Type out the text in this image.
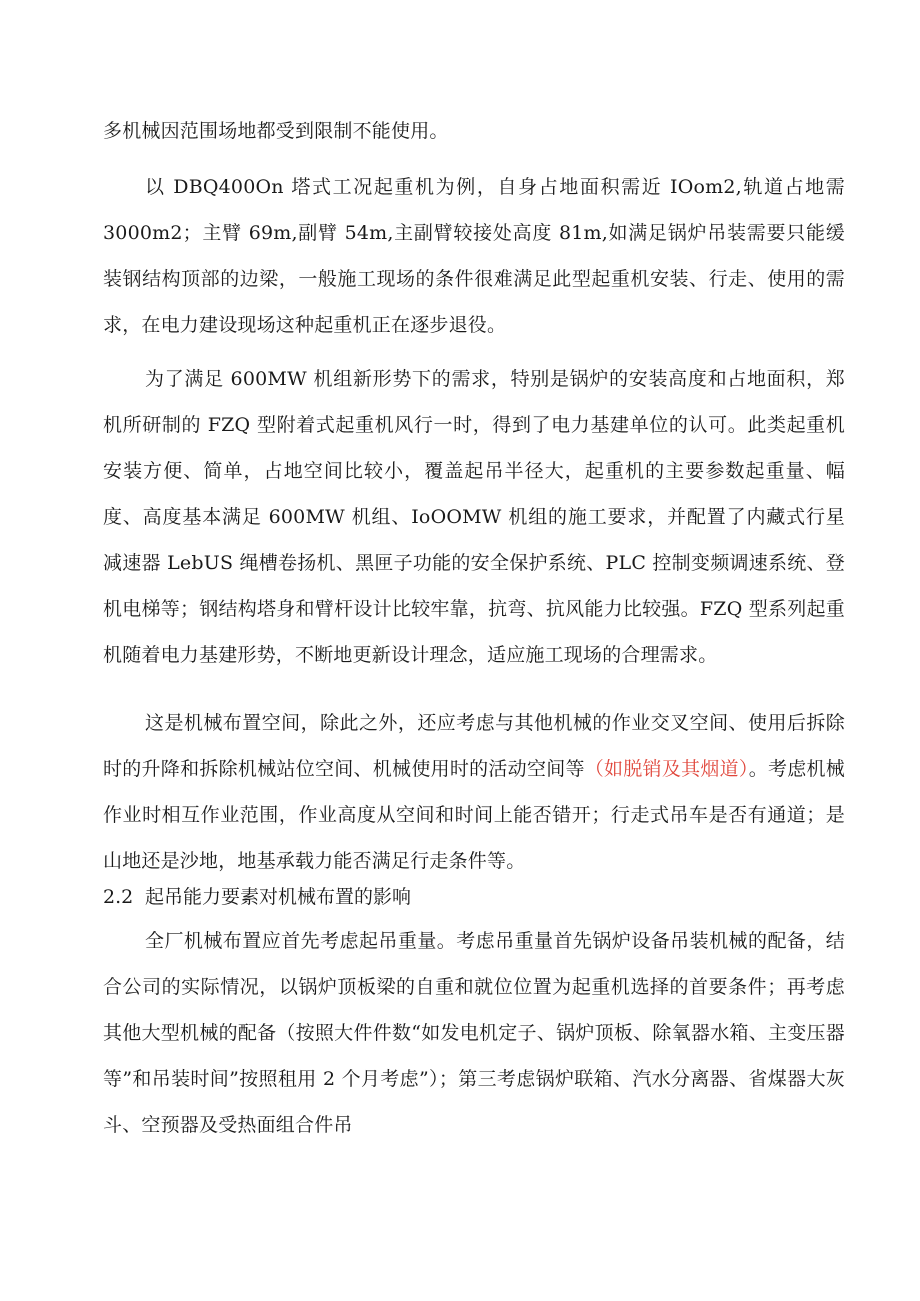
多机械因范围场地都受到限制不能使用。

以 DBQ400On 塔式工况起重机为例，自身占地面积需近 IOom2,轨道占地需 3000m2；主臂 69m,副臂 54m,主副臂较接处高度 81m,如满足锅炉吊装需要只能缓装钢结构顶部的边梁，一般施工现场的条件很难满足此型起重机安装、行走、使用的需求，在电力建设现场这种起重机正在逐步退役。

为了满足 600MW 机组新形势下的需求，特别是锅炉的安装高度和占地面积，郑机所研制的 FZQ 型附着式起重机风行一时，得到了电力基建单位的认可。此类起重机安装方便、简单，占地空间比较小，覆盖起吊半径大，起重机的主要参数起重量、幅度、高度基本满足 600MW 机组、IoOOMW 机组的施工要求，并配置了内藏式行星减速器 LebUS 绳槽卷扬机、黑匣子功能的安全保护系统、PLC 控制变频调速系统、登机电梯等；钢结构塔身和臂杆设计比较牢靠，抗弯、抗风能力比较强。FZQ 型系列起重机随着电力基建形势，不断地更新设计理念，适应施工现场的合理需求。

这是机械布置空间，除此之外，还应考虑与其他机械的作业交叉空间、使用后拆除时的升降和拆除机械站位空间、机械使用时的活动空间等（如脱销及其烟道）。考虑机械作业时相互作业范围，作业高度从空间和时间上能否错开；行走式吊车是否有通道；是山地还是沙地，地基承载力能否满足行走条件等。

2.2 起吊能力要素对机械布置的影响

全厂机械布置应首先考虑起吊重量。考虑吊重量首先锅炉设备吊装机械的配备，结合公司的实际情况，以锅炉顶板梁的自重和就位位置为起重机选择的首要条件；再考虑其他大型机械的配备（按照大件件数“如发电机定子、锅炉顶板、除氧器水箱、主变压器等”和吊装时间”按照租用 2 个月考虑”）；第三考虑锅炉联箱、汽水分离器、省煤器大灰斗、空预器及受热面组合件吊
